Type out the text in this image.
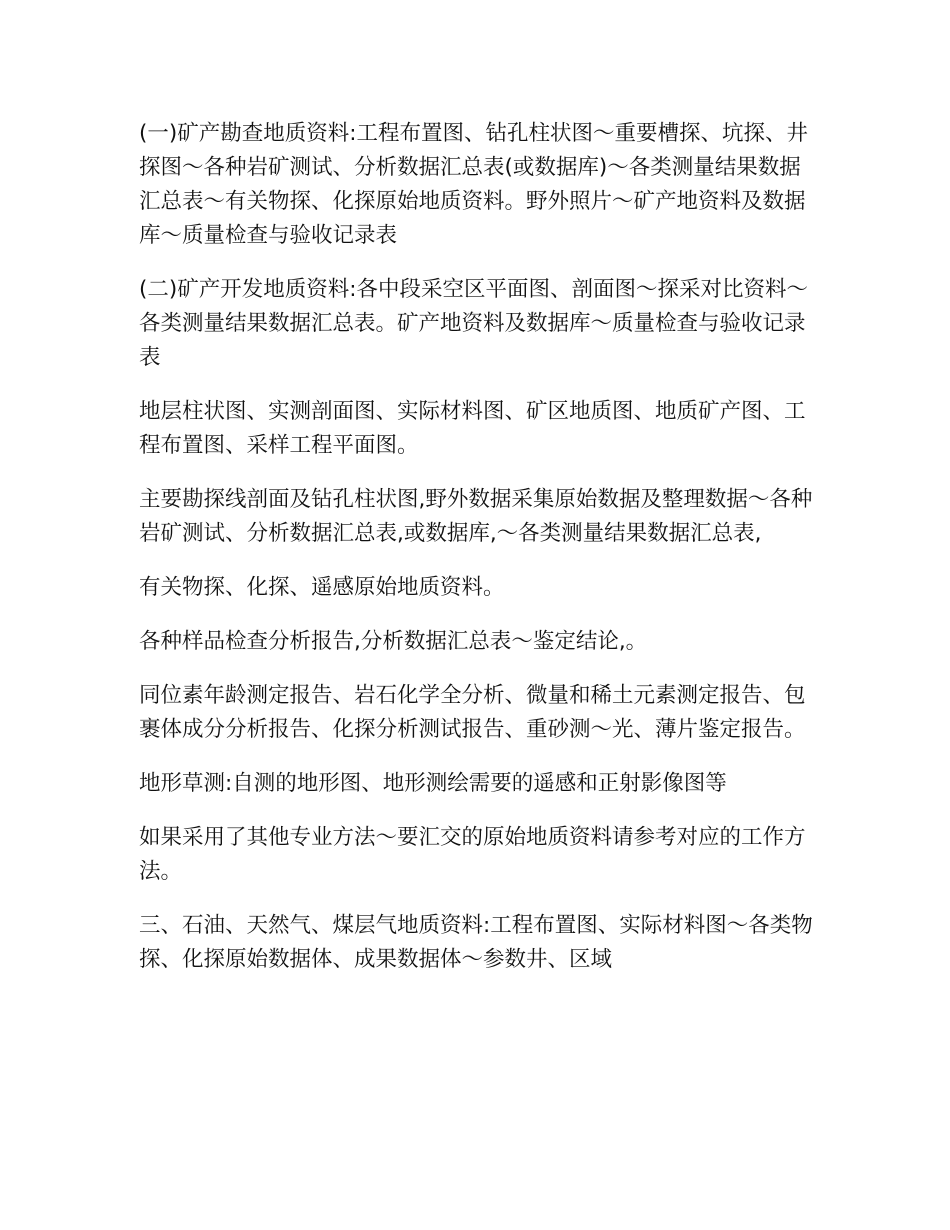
(一)矿产勘查地质资料:工程布置图、钻孔柱状图～重要槽探、坑探、井探图～各种岩矿测试、分析数据汇总表(或数据库)～各类测量结果数据汇总表～有关物探、化探原始地质资料。野外照片～矿产地资料及数据库～质量检查与验收记录表

(二)矿产开发地质资料:各中段采空区平面图、剖面图～探采对比资料～各类测量结果数据汇总表。矿产地资料及数据库～质量检查与验收记录表

地层柱状图、实测剖面图、实际材料图、矿区地质图、地质矿产图、工程布置图、采样工程平面图。

主要勘探线剖面及钻孔柱状图,野外数据采集原始数据及整理数据～各种岩矿测试、分析数据汇总表,或数据库,～各类测量结果数据汇总表,

有关物探、化探、遥感原始地质资料。

各种样品检查分析报告,分析数据汇总表～鉴定结论,。

同位素年龄测定报告、岩石化学全分析、微量和稀土元素测定报告、包裹体成分分析报告、化探分析测试报告、重砂测～光、薄片鉴定报告。

地形草测:自测的地形图、地形测绘需要的遥感和正射影像图等

如果采用了其他专业方法～要汇交的原始地质资料请参考对应的工作方法。

三、石油、天然气、煤层气地质资料:工程布置图、实际材料图～各类物探、化探原始数据体、成果数据体～参数井、区域
